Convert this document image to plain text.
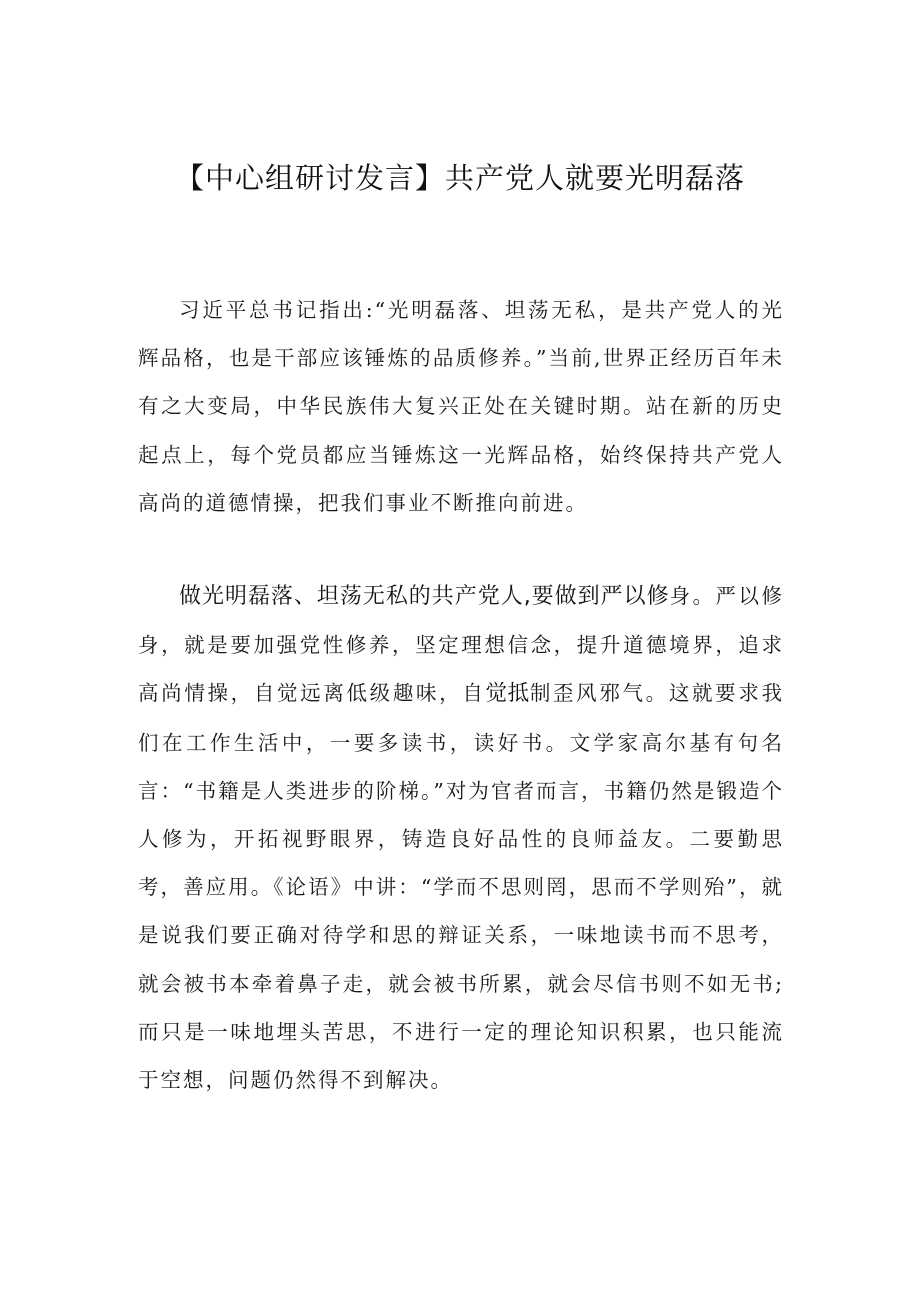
【中心组研讨发言】共产党人就要光明磊落

习近平总书记指出:“光明磊落、坦荡无私，是共产党人的光辉品格，也是干部应该锤炼的品质修养。”当前,世界正经历百年未有之大变局，中华民族伟大复兴正处在关键时期。站在新的历史起点上，每个党员都应当锤炼这一光辉品格，始终保持共产党人高尚的道德情操，把我们事业不断推向前进。

做光明磊落、坦荡无私的共产党人,要做到严以修身。严以修身，就是要加强党性修养，坚定理想信念，提升道德境界，追求高尚情操，自觉远离低级趣味，自觉抵制歪风邪气。这就要求我们在工作生活中，一要多读书，读好书。文学家高尔基有句名言：“书籍是人类进步的阶梯。”对为官者而言，书籍仍然是锻造个人修为，开拓视野眼界，铸造良好品性的良师益友。二要勤思考，善应用。《论语》中讲：“学而不思则罔，思而不学则殆”，就是说我们要正确对待学和思的辩证关系，一味地读书而不思考，就会被书本牵着鼻子走，就会被书所累，就会尽信书则不如无书;而只是一味地埋头苦思，不进行一定的理论知识积累，也只能流于空想，问题仍然得不到解决。
